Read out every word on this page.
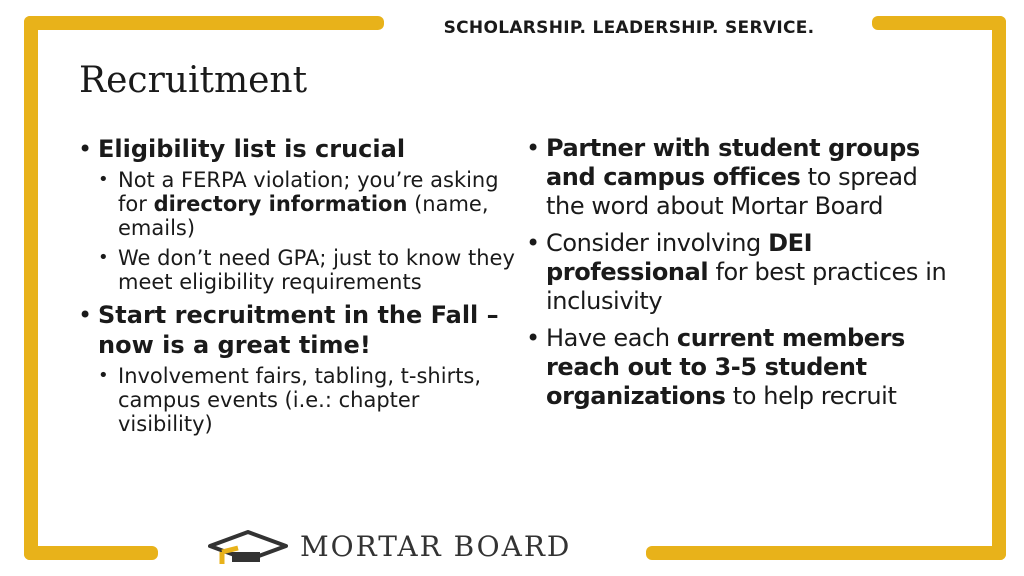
SCHOLARSHIP. LEADERSHIP. SERVICE.
Recruitment
• Eligibility list is crucial
• Not a FERPA violation; you’re asking for directory information (name, emails)
• We don’t need GPA; just to know they meet eligibility requirements
• Start recruitment in the Fall – now is a great time!
• Involvement fairs, tabling, t-shirts, campus events (i.e.: chapter visibility)
• Partner with student groups and campus offices to spread the word about Mortar Board
• Consider involving DEI professional for best practices in inclusivity
• Have each current members reach out to 3-5 student organizations to help recruit
MORTAR BOARD
